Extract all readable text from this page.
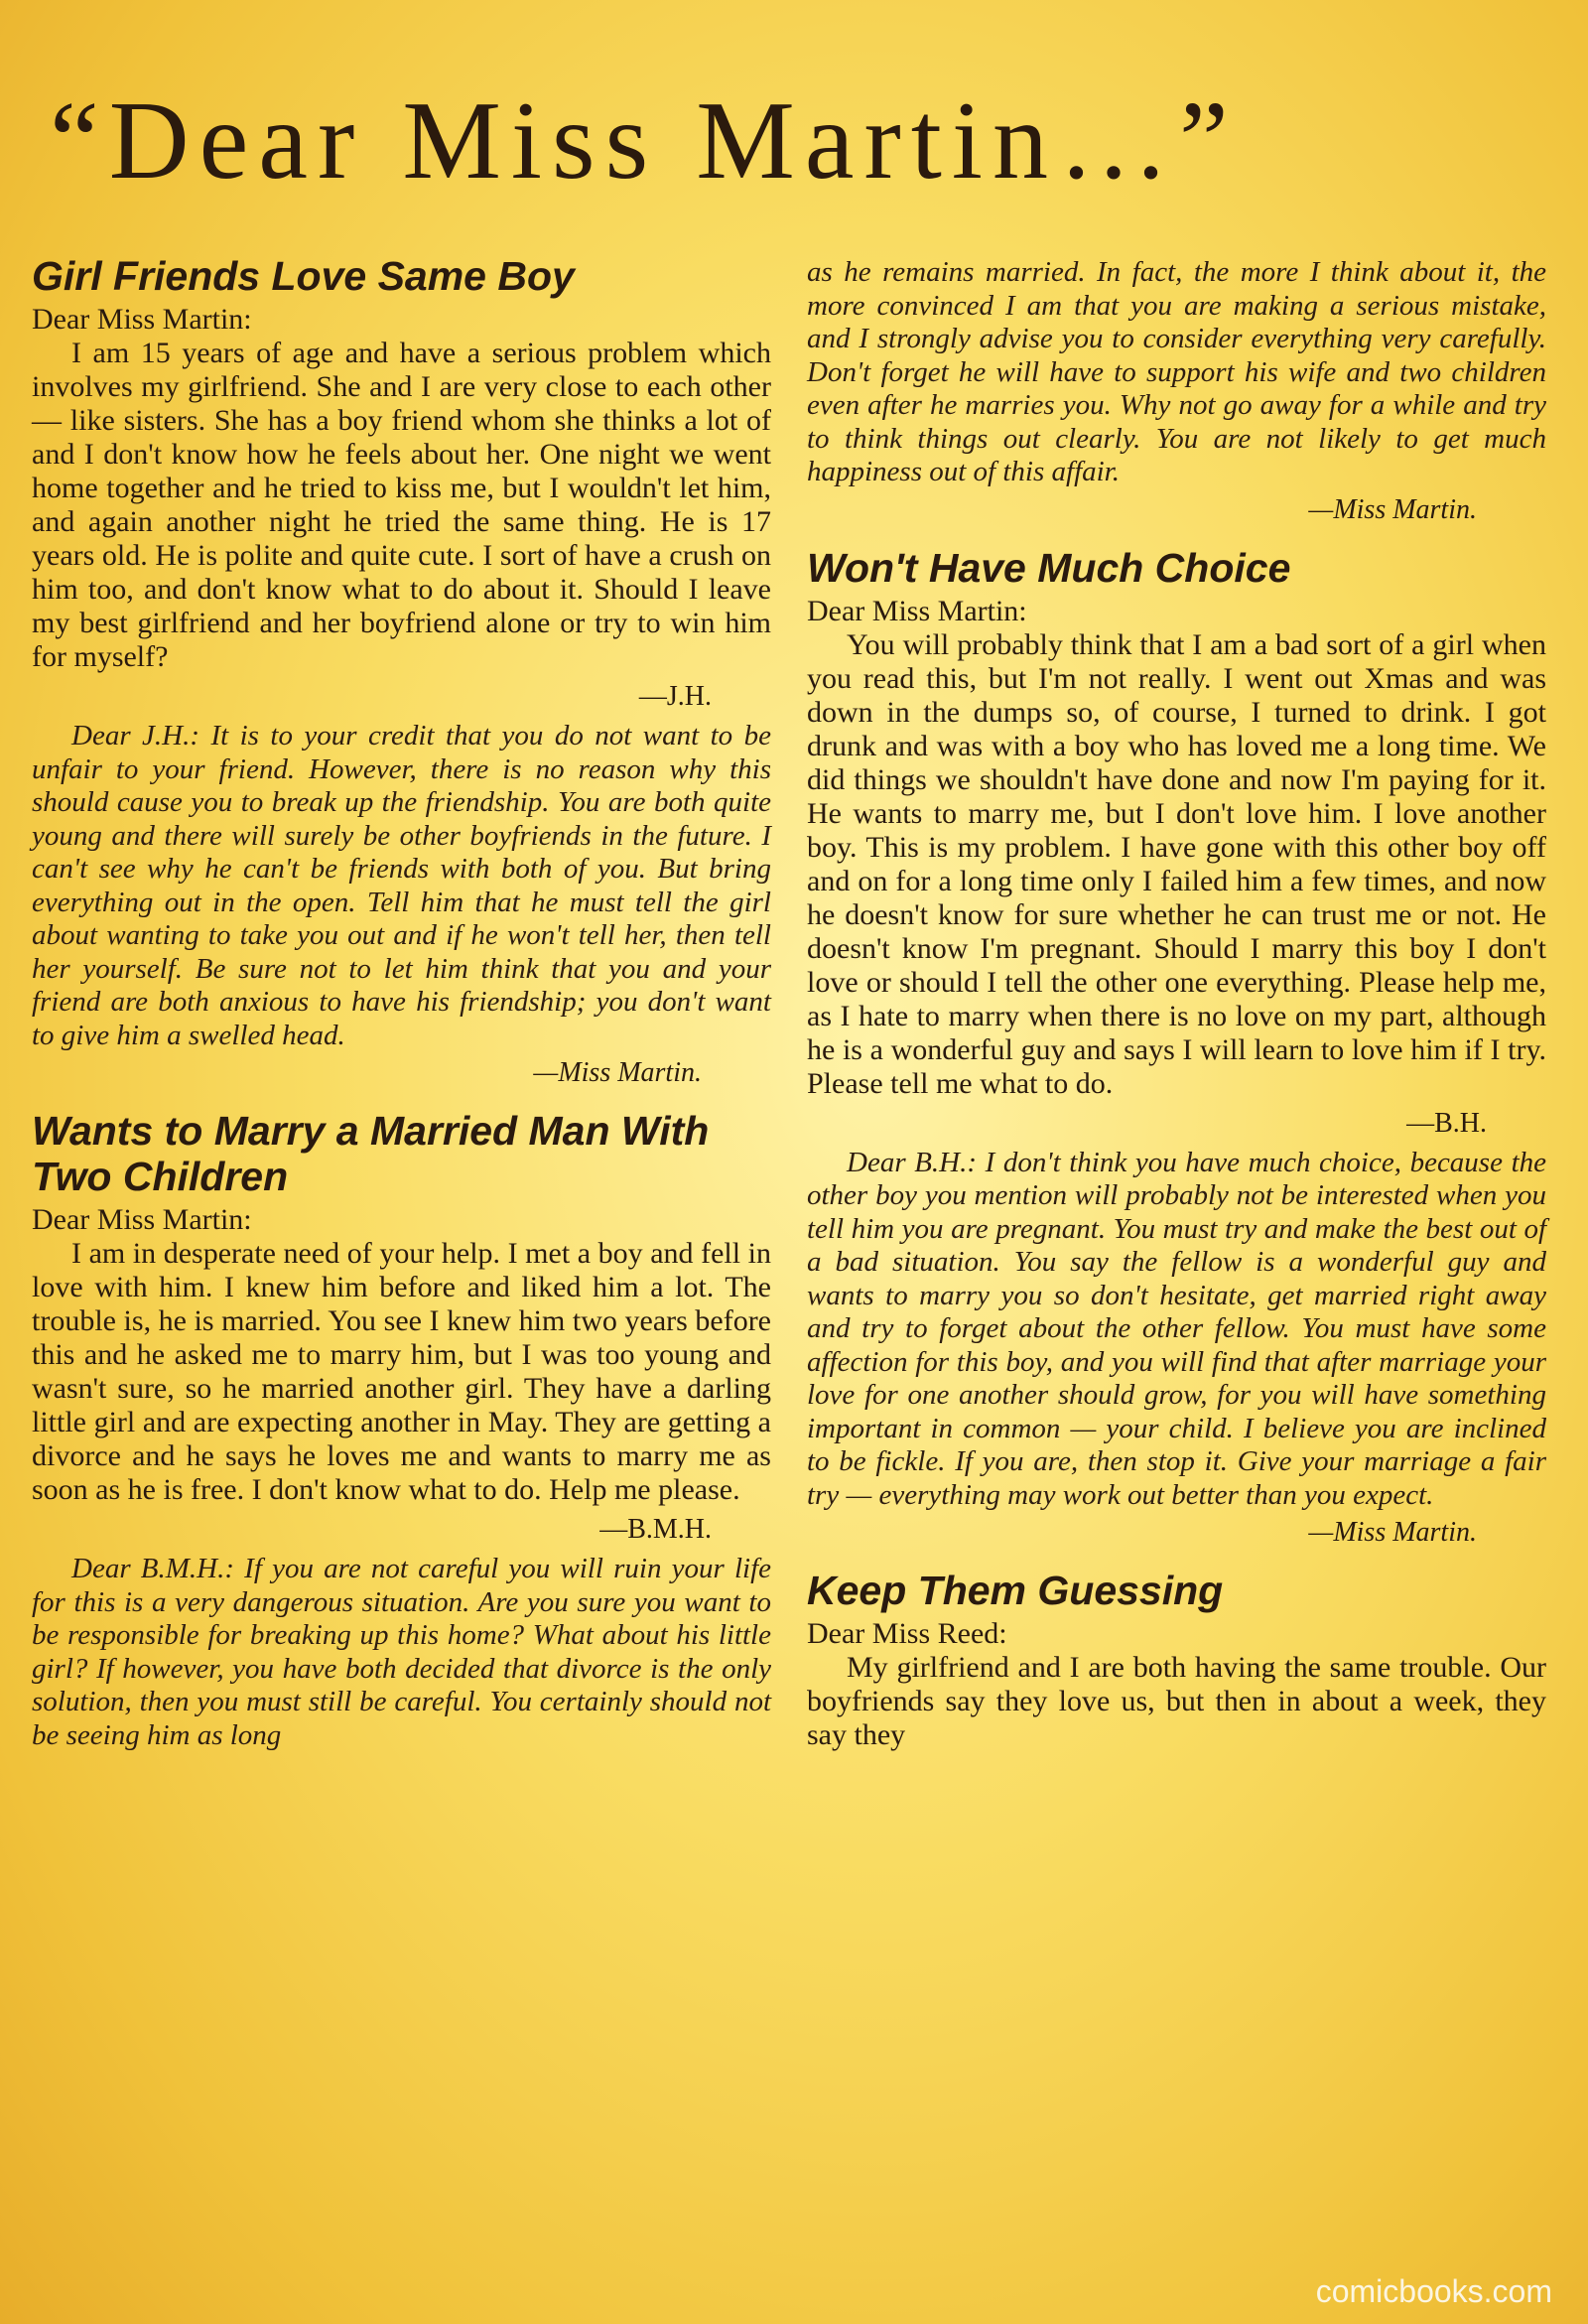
“Dear Miss Martin…”
Girl Friends Love Same Boy

Dear Miss Martin:

I am 15 years of age and have a serious problem which involves my girlfriend. She and I are very close to each other — like sisters. She has a boy friend whom she thinks a lot of and I don't know how he feels about her. One night we went home together and he tried to kiss me, but I wouldn't let him, and again another night he tried the same thing. He is 17 years old. He is polite and quite cute. I sort of have a crush on him too, and don't know what to do about it. Should I leave my best girlfriend and her boyfriend alone or try to win him for myself?

—J.H.

Dear J.H.: It is to your credit that you do not want to be unfair to your friend. However, there is no reason why this should cause you to break up the friendship. You are both quite young and there will surely be other boyfriends in the future. I can't see why he can't be friends with both of you. But bring everything out in the open. Tell him that he must tell the girl about wanting to take you out and if he won't tell her, then tell her yourself. Be sure not to let him think that you and your friend are both anxious to have his friendship; you don't want to give him a swelled head.

—Miss Martin.

Wants to Marry a Married Man With Two Children

Dear Miss Martin:

I am in desperate need of your help. I met a boy and fell in love with him. I knew him before and liked him a lot. The trouble is, he is married. You see I knew him two years before this and he asked me to marry him, but I was too young and wasn't sure, so he married another girl. They have a darling little girl and are expecting another in May. They are getting a divorce and he says he loves me and wants to marry me as soon as he is free. I don't know what to do. Help me please.

—B.M.H.

Dear B.M.H.: If you are not careful you will ruin your life for this is a very dangerous situation. Are you sure you want to be responsible for breaking up this home? What about his little girl? If however, you have both decided that divorce is the only solution, then you must still be careful. You certainly should not be seeing him as long

as he remains married. In fact, the more I think about it, the more convinced I am that you are making a serious mistake, and I strongly advise you to consider everything very carefully. Don't forget he will have to support his wife and two children even after he marries you. Why not go away for a while and try to think things out clearly. You are not likely to get much happiness out of this affair.

—Miss Martin.

Won't Have Much Choice

Dear Miss Martin:

You will probably think that I am a bad sort of a girl when you read this, but I'm not really. I went out Xmas and was down in the dumps so, of course, I turned to drink. I got drunk and was with a boy who has loved me a long time. We did things we shouldn't have done and now I'm paying for it. He wants to marry me, but I don't love him. I love another boy. This is my problem. I have gone with this other boy off and on for a long time only I failed him a few times, and now he doesn't know for sure whether he can trust me or not. He doesn't know I'm pregnant. Should I marry this boy I don't love or should I tell the other one everything. Please help me, as I hate to marry when there is no love on my part, although he is a wonderful guy and says I will learn to love him if I try. Please tell me what to do.

—B.H.

Dear B.H.: I don't think you have much choice, because the other boy you mention will probably not be interested when you tell him you are pregnant. You must try and make the best out of a bad situation. You say the fellow is a wonderful guy and wants to marry you so don't hesitate, get married right away and try to forget about the other fellow. You must have some affection for this boy, and you will find that after marriage your love for one another should grow, for you will have something important in common — your child. I believe you are inclined to be fickle. If you are, then stop it. Give your marriage a fair try — everything may work out better than you expect.

—Miss Martin.

Keep Them Guessing

Dear Miss Reed:

My girlfriend and I are both having the same trouble. Our boyfriends say they love us, but then in about a week, they say they

comicbooks.com
